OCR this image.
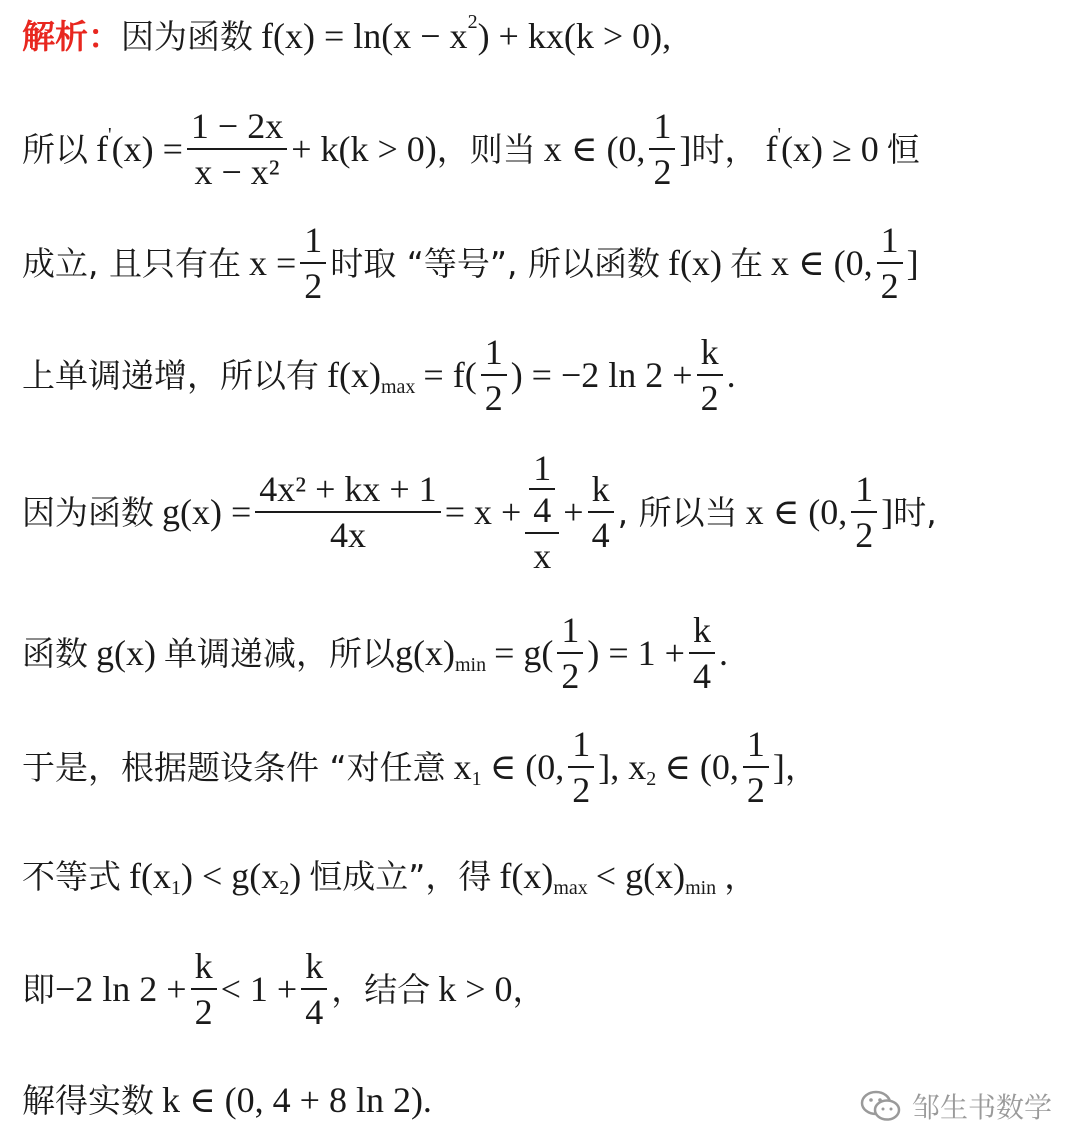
解析： 因为函数 f(x) = ln(x − x 2 ) + kx(k > 0),
所以 f ' $(x) = \frac{1 - 2x}{\text{x − x²}} + k(k > 0)$ ，则当 x ∈ (0, $\frac{1}{2}$ ] 时， f ' (x) ≥ 0 恒
成立, 且只有在 $x = \frac{1}{2}$ 时取 “等号”, 所以函数 f(x) 在 x ∈ (0, $\frac{1}{2}$ ]
上单调递增，所以有 f(x) $\max = f( \frac{1}{2}$ ) = −2 $\ln 2 + \frac{k}{2}$ .
因为函数 $g(x) = \frac{\text{4x² + kx + 1}}{4x} = x + \frac{\frac{1}{4}}{x} + \frac{k}{4}$ , 所以当 x ∈ (0, $\frac{1}{2}$ ] 时,
函数 g(x) 单调递减，所以 g(x) $\min = g( \frac{1}{2}$ ) = $1 + \frac{k}{4}$ .
于是，根据题设条件 “对任意 x 1 ∈ (0, $\frac{1}{2}$ ], x 2 ∈ (0, $\frac{1}{2}$ ] ，
不等式 f(x 1 ) < g(x 2 ) 恒成立”，得 f(x) max < g(x) min ，
即 −2 $\ln 2 + \frac{k}{2} < 1 + \frac{k}{4}$ ，结合 k > 0 ，
解得实数 k ∈ (0, 4 + 8 ln 2).	邹生书数学
